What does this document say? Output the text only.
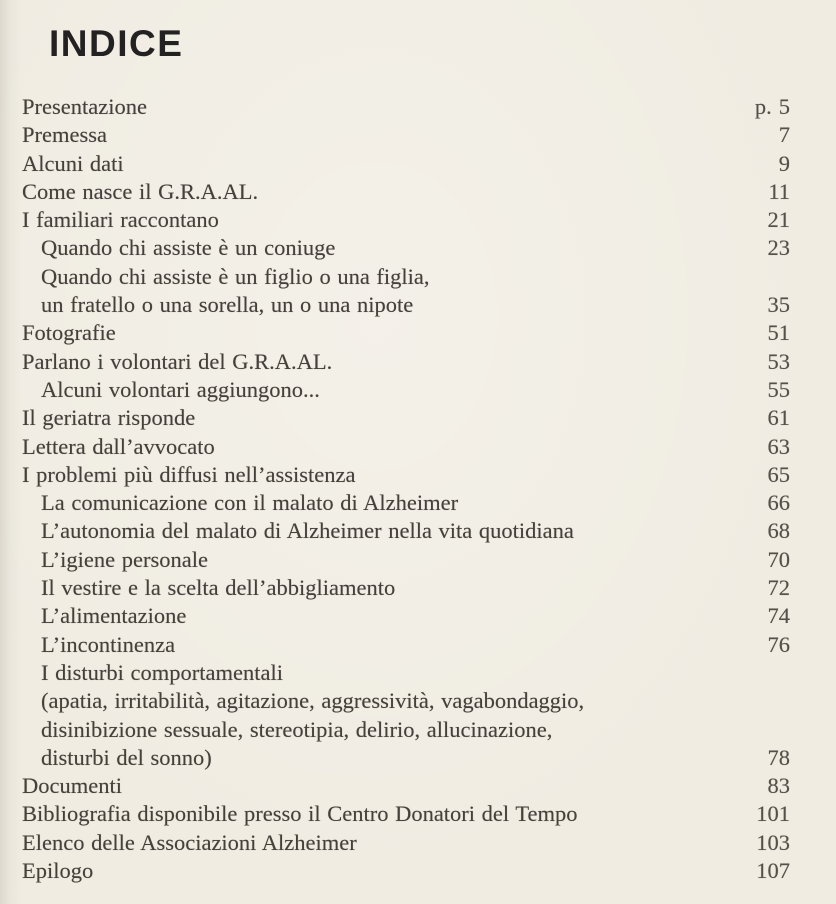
INDICE
Presentazione	p. 5
Premessa	7
Alcuni dati	9
Come nasce il G.R.A.AL.	11
I familiari raccontano	21
Quando chi assiste è un coniuge	23
Quando chi assiste è un figlio o una figlia,
un fratello o una sorella, un o una nipote	35
Fotografie	51
Parlano i volontari del G.R.A.AL.	53
Alcuni volontari aggiungono...	55
Il geriatra risponde	61
Lettera dall’avvocato	63
I problemi più diffusi nell’assistenza	65
La comunicazione con il malato di Alzheimer	66
L’autonomia del malato di Alzheimer nella vita quotidiana	68
L’igiene personale	70
Il vestire e la scelta dell’abbigliamento	72
L’alimentazione	74
L’incontinenza	76
I disturbi comportamentali
(apatia, irritabilità, agitazione, aggressività, vagabondaggio,
disinibizione sessuale, stereotipia, delirio, allucinazione,
disturbi del sonno)	78
Documenti	83
Bibliografia disponibile presso il Centro Donatori del Tempo	101
Elenco delle Associazioni Alzheimer	103
Epilogo	107
